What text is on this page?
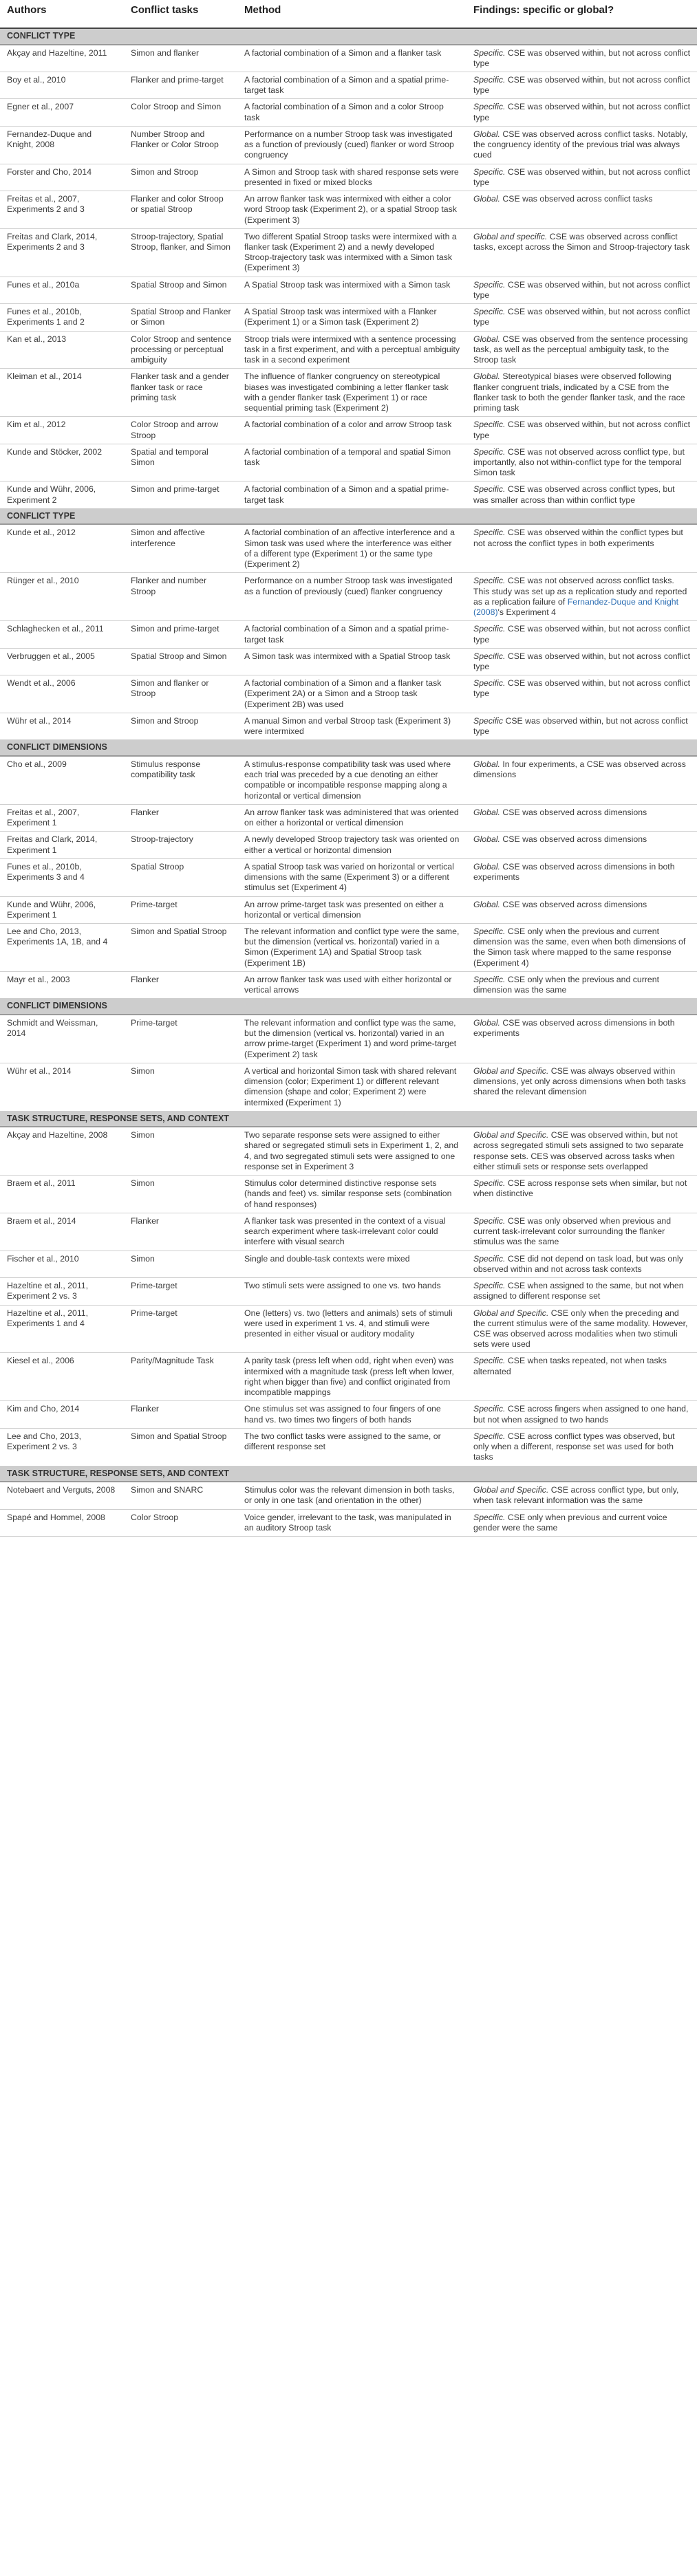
Authors	Conflict tasks	Method	Findings: specific or global?
CONFLICT TYPE			
Akçay and Hazeltine, 2011	Simon and flanker	A factorial combination of a Simon and a flanker task	Specific. CSE was observed within, but not across conflict type
Boy et al., 2010	Flanker and prime-target	A factorial combination of a Simon and a spatial prime-target task	Specific. CSE was observed within, but not across conflict type
Egner et al., 2007	Color Stroop and Simon	A factorial combination of a Simon and a color Stroop task	Specific. CSE was observed within, but not across conflict type
Fernandez-Duque and Knight, 2008	Number Stroop and Flanker or Color Stroop	Performance on a number Stroop task was investigated as a function of previously (cued) flanker or word Stroop congruency	Global. CSE was observed across conflict tasks. Notably, the congruency identity of the previous trial was always cued
Forster and Cho, 2014	Simon and Stroop	A Simon and Stroop task with shared response sets were presented in fixed or mixed blocks	Specific. CSE was observed within, but not across conflict type
Freitas et al., 2007, Experiments 2 and 3	Flanker and color Stroop or spatial Stroop	An arrow flanker task was intermixed with either a color word Stroop task (Experiment 2), or a spatial Stroop task (Experiment 3)	Global. CSE was observed across conflict tasks
Freitas and Clark, 2014, Experiments 2 and 3	Stroop-trajectory, Spatial Stroop, flanker, and Simon	Two different Spatial Stroop tasks were intermixed with a flanker task (Experiment 2) and a newly developed Stroop-trajectory task was intermixed with a Simon task (Experiment 3)	Global and specific. CSE was observed across conflict tasks, except across the Simon and Stroop-trajectory task
Funes et al., 2010a	Spatial Stroop and Simon	A Spatial Stroop task was intermixed with a Simon task	Specific. CSE was observed within, but not across conflict type
Funes et al., 2010b, Experiments 1 and 2	Spatial Stroop and Flanker or Simon	A Spatial Stroop task was intermixed with a Flanker (Experiment 1) or a Simon task (Experiment 2)	Specific. CSE was observed within, but not across conflict type
Kan et al., 2013	Color Stroop and sentence processing or perceptual ambiguity	Stroop trials were intermixed with a sentence processing task in a first experiment, and with a perceptual ambiguity task in a second experiment	Global. CSE was observed from the sentence processing task, as well as the perceptual ambiguity task, to the Stroop task
Kleiman et al., 2014	Flanker task and a gender flanker task or race priming task	The influence of flanker congruency on stereotypical biases was investigated combining a letter flanker task with a gender flanker task (Experiment 1) or race sequential priming task (Experiment 2)	Global. Stereotypical biases were observed following flanker congruent trials, indicated by a CSE from the flanker task to both the gender flanker task, and the race priming task
Kim et al., 2012	Color Stroop and arrow Stroop	A factorial combination of a color and arrow Stroop task	Specific. CSE was observed within, but not across conflict type
Kunde and Stöcker, 2002	Spatial and temporal Simon	A factorial combination of a temporal and spatial Simon task	Specific. CSE was not observed across conflict type, but importantly, also not within-conflict type for the temporal Simon task
Kunde and Wühr, 2006, Experiment 2	Simon and prime-target	A factorial combination of a Simon and a spatial prime-target task	Specific. CSE was observed across conflict types, but was smaller across than within conflict type
CONFLICT TYPE			
Kunde et al., 2012	Simon and affective interference	A factorial combination of an affective interference and a Simon task was used where the interference was either of a different type (Experiment 1) or the same type (Experiment 2)	Specific. CSE was observed within the conflict types but not across the conflict types in both experiments
Rünger et al., 2010	Flanker and number Stroop	Performance on a number Stroop task was investigated as a function of previously (cued) flanker congruency	Specific. CSE was not observed across conflict tasks. This study was set up as a replication study and reported as a replication failure of Fernandez-Duque and Knight (2008)'s Experiment 4
Schlaghecken et al., 2011	Simon and prime-target	A factorial combination of a Simon and a spatial prime-target task	Specific. CSE was observed within, but not across conflict type
Verbruggen et al., 2005	Spatial Stroop and Simon	A Simon task was intermixed with a Spatial Stroop task	Specific. CSE was observed within, but not across conflict type
Wendt et al., 2006	Simon and flanker or Stroop	A factorial combination of a Simon and a flanker task (Experiment 2A) or a Simon and a Stroop task (Experiment 2B) was used	Specific. CSE was observed within, but not across conflict type
Wühr et al., 2014	Simon and Stroop	A manual Simon and verbal Stroop task (Experiment 3) were intermixed	Specific CSE was observed within, but not across conflict type
CONFLICT DIMENSIONS			
Cho et al., 2009	Stimulus response compatibility task	A stimulus-response compatibility task was used where each trial was preceded by a cue denoting an either compatible or incompatible response mapping along a horizontal or vertical dimension	Global. In four experiments, a CSE was observed across dimensions
Freitas et al., 2007, Experiment 1	Flanker	An arrow flanker task was administered that was oriented on either a horizontal or vertical dimension	Global. CSE was observed across dimensions
Freitas and Clark, 2014, Experiment 1	Stroop-trajectory	A newly developed Stroop trajectory task was oriented on either a vertical or horizontal dimension	Global. CSE was observed across dimensions
Funes et al., 2010b, Experiments 3 and 4	Spatial Stroop	A spatial Stroop task was varied on horizontal or vertical dimensions with the same (Experiment 3) or a different stimulus set (Experiment 4)	Global. CSE was observed across dimensions in both experiments
Kunde and Wühr, 2006, Experiment 1	Prime-target	An arrow prime-target task was presented on either a horizontal or vertical dimension	Global. CSE was observed across dimensions
Lee and Cho, 2013, Experiments 1A, 1B, and 4	Simon and Spatial Stroop	The relevant information and conflict type were the same, but the dimension (vertical vs. horizontal) varied in a Simon (Experiment 1A) and Spatial Stroop task (Experiment 1B)	Specific. CSE only when the previous and current dimension was the same, even when both dimensions of the Simon task where mapped to the same response (Experiment 4)
Mayr et al., 2003	Flanker	An arrow flanker task was used with either horizontal or vertical arrows	Specific. CSE only when the previous and current dimension was the same
CONFLICT DIMENSIONS			
Schmidt and Weissman, 2014	Prime-target	The relevant information and conflict type was the same, but the dimension (vertical vs. horizontal) varied in an arrow prime-target (Experiment 1) and word prime-target (Experiment 2) task	Global. CSE was observed across dimensions in both experiments
Wühr et al., 2014	Simon	A vertical and horizontal Simon task with shared relevant dimension (color; Experiment 1) or different relevant dimension (shape and color; Experiment 2) were intermixed (Experiment 1)	Global and Specific. CSE was always observed within dimensions, yet only across dimensions when both tasks shared the relevant dimension
TASK STRUCTURE, RESPONSE SETS, AND CONTEXT			
Akçay and Hazeltine, 2008	Simon	Two separate response sets were assigned to either shared or segregated stimuli sets in Experiment 1, 2, and 4, and two segregated stimuli sets were assigned to one response set in Experiment 3	Global and Specific. CSE was observed within, but not across segregated stimuli sets assigned to two separate response sets. CES was observed across tasks when either stimuli sets or response sets overlapped
Braem et al., 2011	Simon	Stimulus color determined distinctive response sets (hands and feet) vs. similar response sets (combination of hand responses)	Specific. CSE across response sets when similar, but not when distinctive
Braem et al., 2014	Flanker	A flanker task was presented in the context of a visual search experiment where task-irrelevant color could interfere with visual search	Specific. CSE was only observed when previous and current task-irrelevant color surrounding the flanker stimulus was the same
Fischer et al., 2010	Simon	Single and double-task contexts were mixed	Specific. CSE did not depend on task load, but was only observed within and not across task contexts
Hazeltine et al., 2011, Experiment 2 vs. 3	Prime-target	Two stimuli sets were assigned to one vs. two hands	Specific. CSE when assigned to the same, but not when assigned to different response set
Hazeltine et al., 2011, Experiments 1 and 4	Prime-target	One (letters) vs. two (letters and animals) sets of stimuli were used in experiment 1 vs. 4, and stimuli were presented in either visual or auditory modality	Global and Specific. CSE only when the preceding and the current stimulus were of the same modality. However, CSE was observed across modalities when two stimuli sets were used
Kiesel et al., 2006	Parity/Magnitude Task	A parity task (press left when odd, right when even) was intermixed with a magnitude task (press left when lower, right when bigger than five) and conflict originated from incompatible mappings	Specific. CSE when tasks repeated, not when tasks alternated
Kim and Cho, 2014	Flanker	One stimulus set was assigned to four fingers of one hand vs. two times two fingers of both hands	Specific. CSE across fingers when assigned to one hand, but not when assigned to two hands
Lee and Cho, 2013, Experiment 2 vs. 3	Simon and Spatial Stroop	The two conflict tasks were assigned to the same, or different response set	Specific. CSE across conflict types was observed, but only when a different, response set was used for both tasks
TASK STRUCTURE, RESPONSE SETS, AND CONTEXT			
Notebaert and Verguts, 2008	Simon and SNARC	Stimulus color was the relevant dimension in both tasks, or only in one task (and orientation in the other)	Global and Specific. CSE across conflict type, but only, when task relevant information was the same
Spapé and Hommel, 2008	Color Stroop	Voice gender, irrelevant to the task, was manipulated in an auditory Stroop task	Specific. CSE only when previous and current voice gender were the same
